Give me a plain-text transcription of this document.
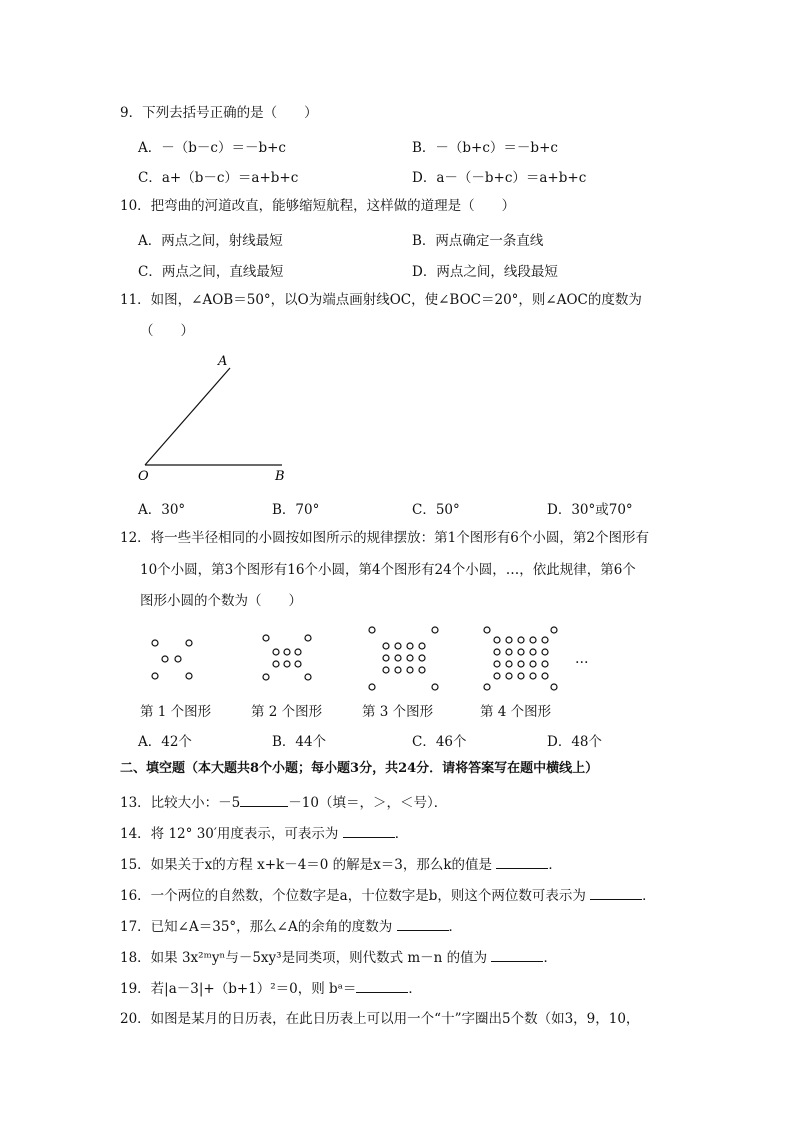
9．下列去括号正确的是（　　）
A．－（b－c）＝－b+c	B．－（b+c）＝－b+c
C．a+（b－c）＝a+b+c	D．a－（－b+c）＝a+b+c
10．把弯曲的河道改直，能够缩短航程，这样做的道理是（　　）
A．两点之间，射线最短	B．两点确定一条直线
C．两点之间，直线最短	D．两点之间，线段最短
11．如图，∠AOB＝50°，以O为端点画射线OC，使∠BOC＝20°，则∠AOC的度数为
（　　）
A
O	B
A．30°	B．70°	C．50°	D．30°或70°
12．将一些半径相同的小圆按如图所示的规律摆放：第1个图形有6个小圆，第2个图形有
10个小圆，第3个图形有16个小圆，第4个图形有24个小圆，…，依此规律，第6个
图形小圆的个数为（　　）
…
第 1 个图形	第 2 个图形	第 3 个图形	第 4 个图形
A．42个	B．44个	C．46个	D．48个
二、填空题（本大题共8个小题；每小题3分，共24分．请将答案写在题中横线上）
13．比较大小：－5	－10（填＝，＞，＜号）．
14．将 12° 30′用度表示，可表示为	．
15．如果关于x的方程 x+k－4＝0 的解是x＝3，那么k的值是	．
16．一个两位的自然数，个位数字是a，十位数字是b，则这个两位数可表示为	．
17．已知∠A＝35°，那么∠A的余角的度数为	．
18．如果 3x²ᵐyⁿ与－5xy³是同类项，则代数式 m－n 的值为	．
19．若|a－3|+（b+1）²＝0，则 bᵃ＝	．
20．如图是某月的日历表，在此日历表上可以用一个“十”字圈出5个数（如3，9，10，
